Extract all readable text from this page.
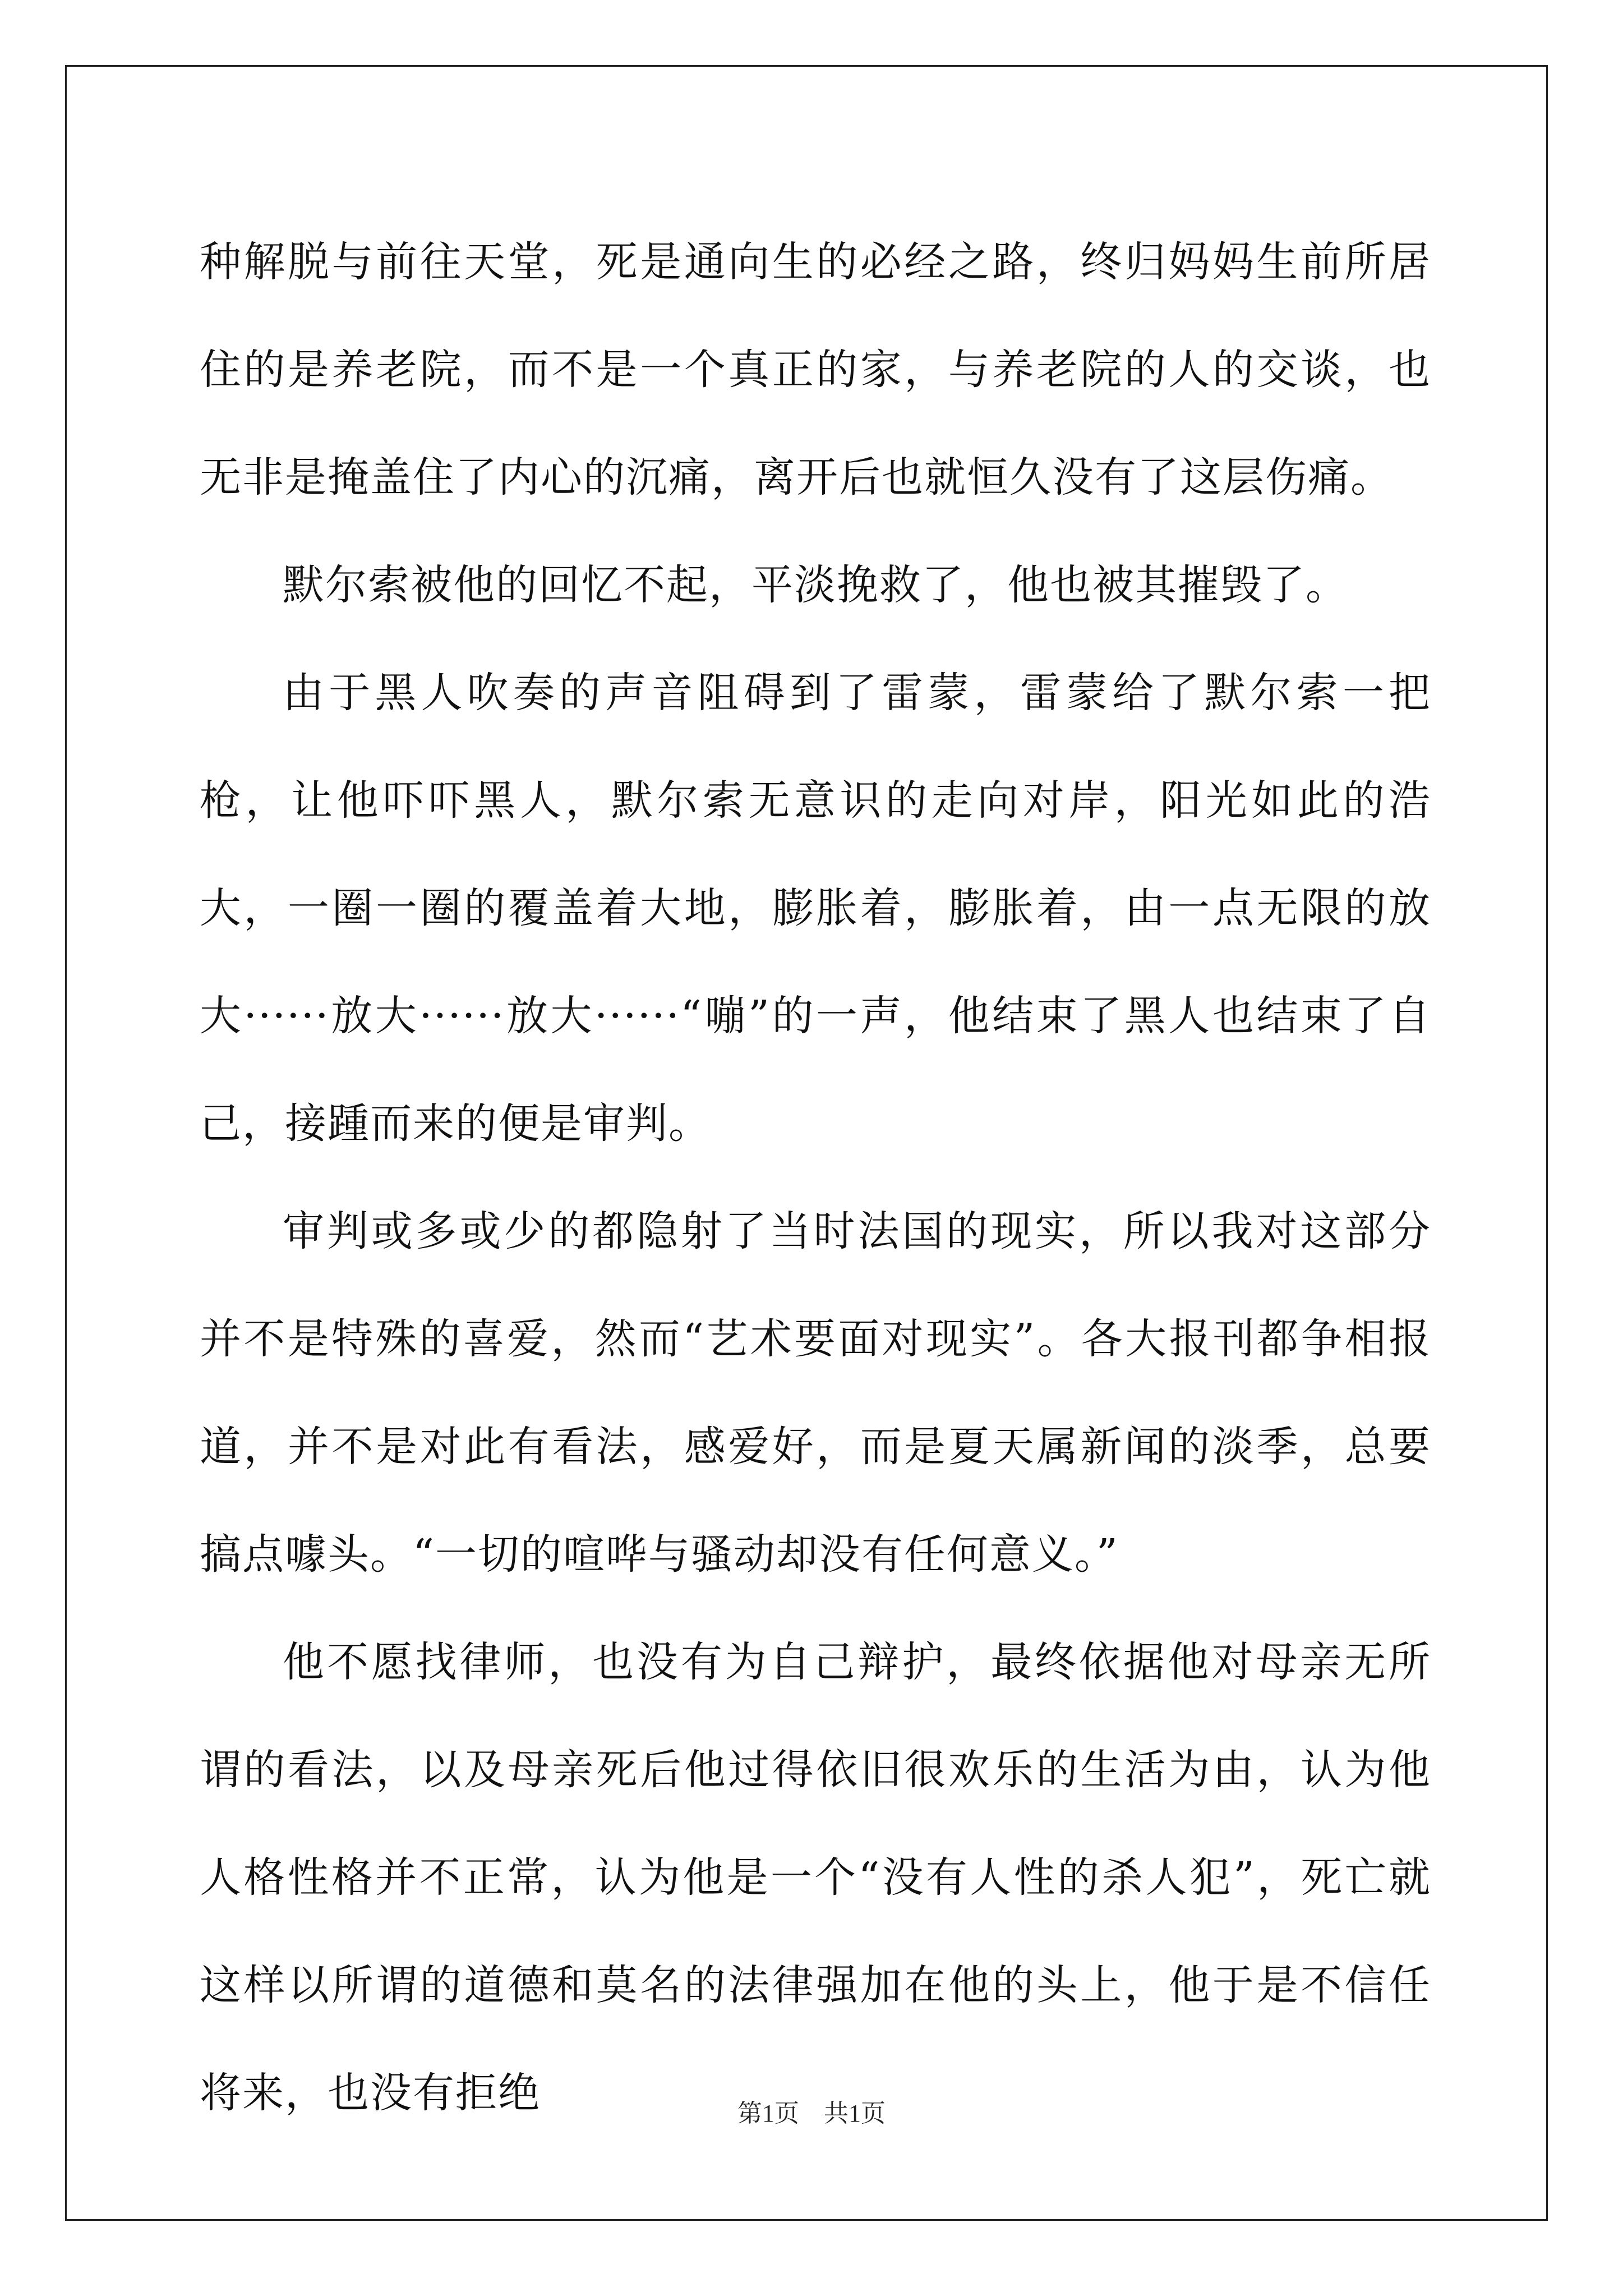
种解脱与前往天堂，死是通向生的必经之路，终归妈妈生前所居住的是养老院，而不是一个真正的家，与养老院的人的交谈，也无非是掩盖住了内心的沉痛，离开后也就恒久没有了这层伤痛。

默尔索被他的回忆不起，平淡挽救了，他也被其摧毁了。

由于黑人吹奏的声音阻碍到了雷蒙，雷蒙给了默尔索一把枪，让他吓吓黑人，默尔索无意识的走向对岸，阳光如此的浩大，一圈一圈的覆盖着大地，膨胀着，膨胀着，由一点无限的放大······放大······放大······“嘣”的一声，他结束了黑人也结束了自己，接踵而来的便是审判。

审判或多或少的都隐射了当时法国的现实，所以我对这部分并不是特殊的喜爱，然而“艺术要面对现实”。各大报刊都争相报道，并不是对此有看法，感爱好，而是夏天属新闻的淡季，总要搞点噱头。“一切的喧哗与骚动却没有任何意义。”

他不愿找律师，也没有为自己辩护，最终依据他对母亲无所谓的看法，以及母亲死后他过得依旧很欢乐的生活为由，认为他人格性格并不正常，认为他是一个“没有人性的杀人犯”，死亡就这样以所谓的道德和莫名的法律强加在他的头上，他于是不信任将来，也没有拒绝	第1页　共1页
